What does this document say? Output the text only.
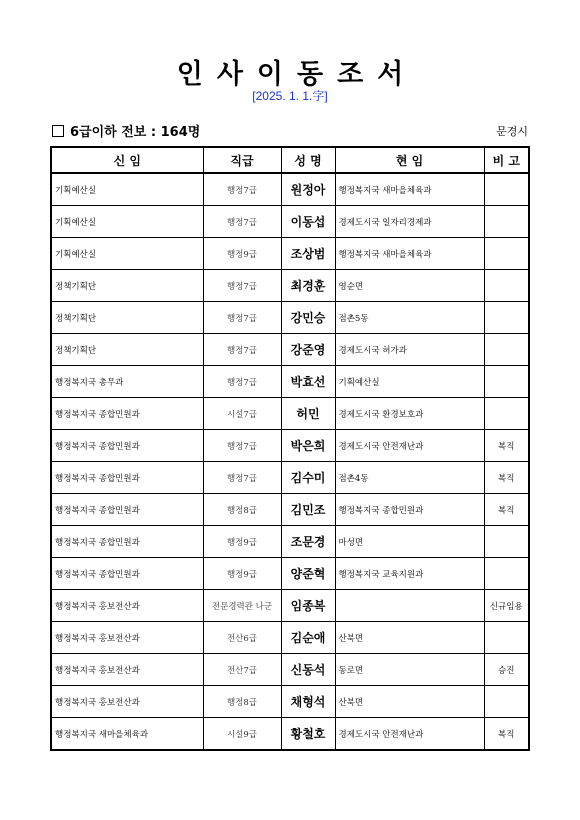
인사이동조서
[2025. 1. 1.字]
6급이하 전보 : 164명	문경시
신 임	직급	성 명	현 임	비 고
기획예산실	행정7급	원정아	행정복지국 새마을체육과	
기획예산실	행정7급	이동섭	경제도시국 일자리경제과	
기획예산실	행정9급	조상범	행정복지국 새마을체육과	
정책기획단	행정7급	최경훈	영순면	
정책기획단	행정7급	강민승	점촌5동	
정책기획단	행정7급	강준영	경제도시국 허가과	
행정복지국 총무과	행정7급	박효선	기획예산실	
행정복지국 종합민원과	시설7급	허민	경제도시국 환경보호과	
행정복지국 종합민원과	행정7급	박은희	경제도시국 안전재난과	복직
행정복지국 종합민원과	행정7급	김수미	점촌4동	복직
행정복지국 종합민원과	행정8급	김민조	행정복지국 종합민원과	복직
행정복지국 종합민원과	행정9급	조문경	마성면	
행정복지국 종합민원과	행정9급	양준혁	행정복지국 교육지원과	
행정복지국 홍보전산과	전문경력관 나군	임종복		신규임용
행정복지국 홍보전산과	전산6급	김순애	산북면	
행정복지국 홍보전산과	전산7급	신동석	동로면	승진
행정복지국 홍보전산과	행정8급	채형석	산북면	
행정복지국 새마을체육과	시설9급	황철호	경제도시국 안전재난과	복직
